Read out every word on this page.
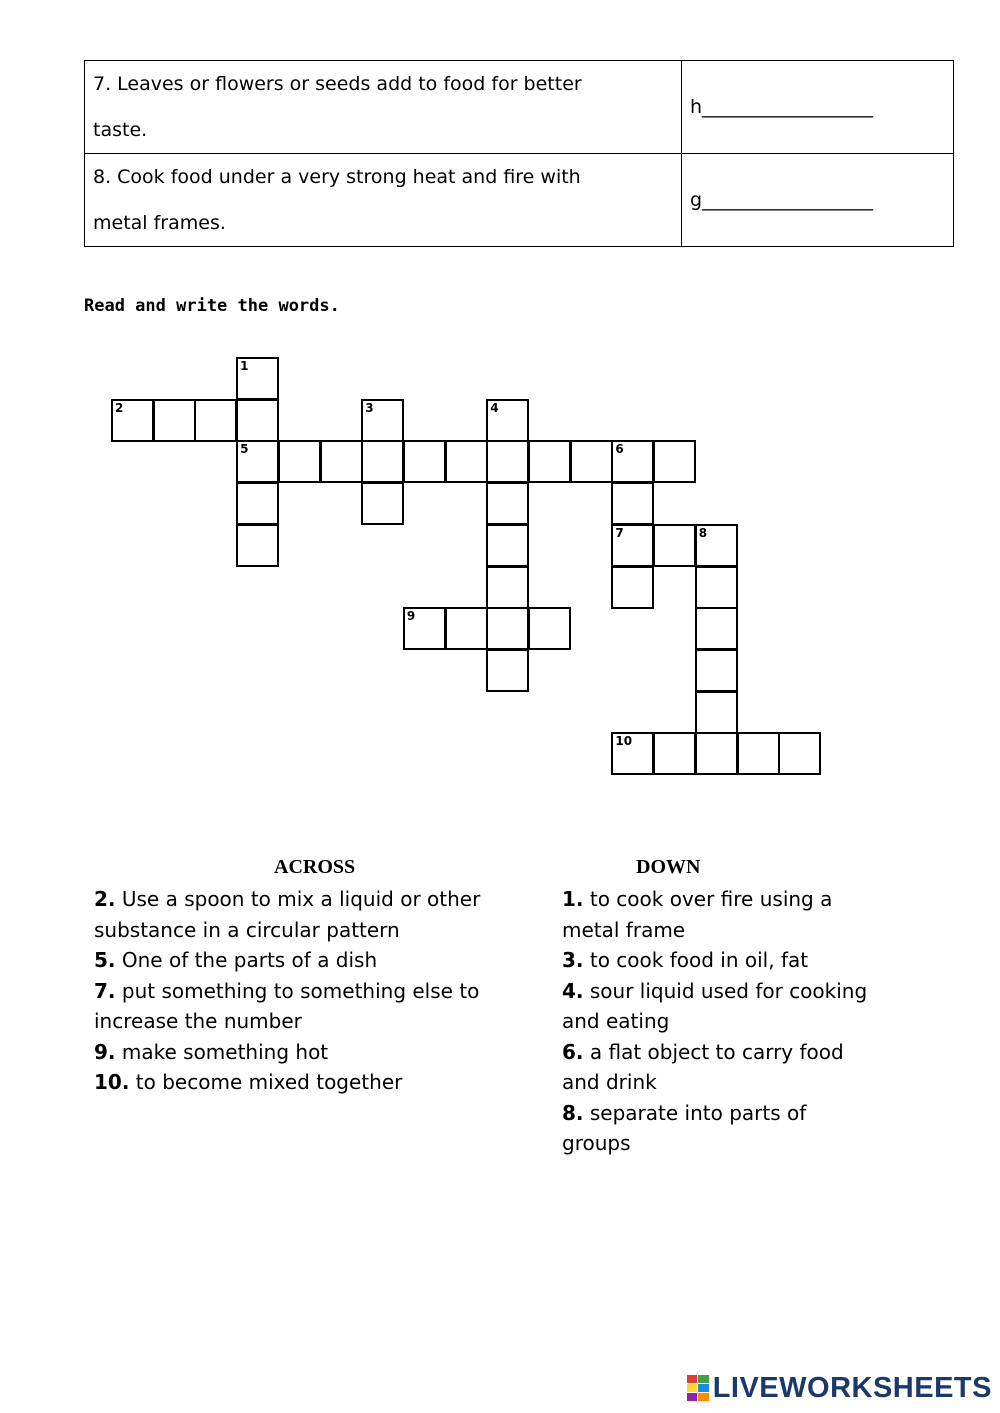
7. Leaves or flowers or seeds add to food for better
taste.	h__________________

8. Cook food under a very strong heat and fire with
metal frames.	g__________________
Read and write the words.
1
2	3	4
5	6
7	8
9
10
ACROSS	DOWN
2. Use a spoon to mix a liquid or other
substance in a circular pattern
5. One of the parts of a dish
7. put something to something else to
increase the number
9. make something hot
10. to become mixed together
1. to cook over fire using a
metal frame
3. to cook food in oil, fat
4. sour liquid used for cooking
and eating
6. a flat object to carry food
and drink
8. separate into parts of
groups
LIVEWORKSHEETS
